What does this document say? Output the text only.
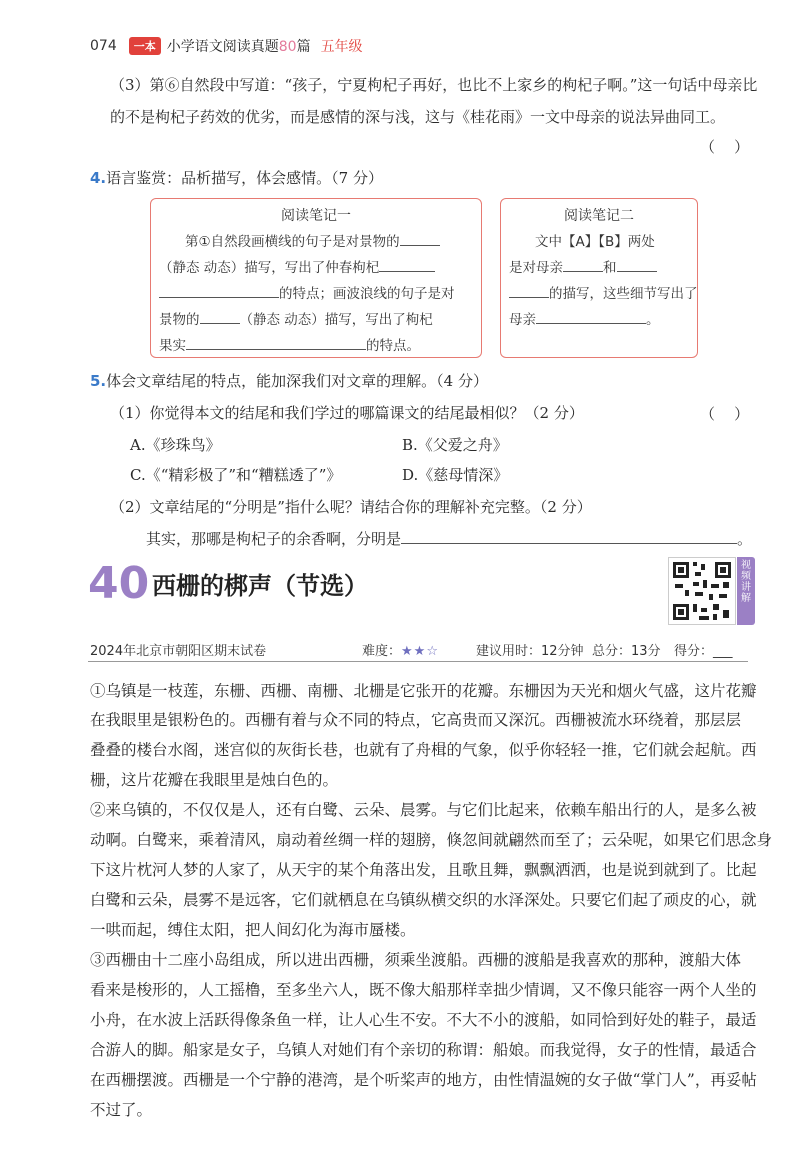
074	一本 小学语文阅读真题80篇 五年级
（3）第⑥自然段中写道：“孩子，宁夏枸杞子再好，也比不上家乡的枸杞子啊。”这一句话中母亲比
的不是枸杞子药效的优劣，而是感情的深与浅，这与《桂花雨》一文中母亲的说法异曲同工。
（    ）
4.语言鉴赏：品析描写，体会感情。（7 分）
阅读笔记一
第①自然段画横线的句子是对景物的
（静态 动态）描写，写出了仲春枸杞
的特点；画波浪线的句子是对
景物的	（静态 动态）描写，写出了枸杞
果实	的特点。
阅读笔记二
文中【A】【B】两处
是对母亲	和
的描写，这些细节写出了
母亲	。
5.体会文章结尾的特点，能加深我们对文章的理解。（4 分）
（1）你觉得本文的结尾和我们学过的哪篇课文的结尾最相似？（2 分）	（    ）
A.《珍珠鸟》	B.《父爱之舟》
C.《“精彩极了”和“糟糕透了”》	D.《慈母情深》
（2）文章结尾的“分明是”指什么呢？请结合你的理解补充完整。（2 分）
其实，那哪是枸杞子的余香啊，分明是	。
40 西栅的梆声（节选）
视频讲解
2024年北京市朝阳区期末试卷	难度：★★☆	建议用时：12分钟 总分：13分 得分：___
①乌镇是一枝莲，东栅、西栅、南栅、北栅是它张开的花瓣。东栅因为天光和烟火气盛，这片花瓣
在我眼里是银粉色的。西栅有着与众不同的特点，它高贵而又深沉。西栅被流水环绕着，那层层
叠叠的楼台水阁，迷宫似的灰街长巷，也就有了舟楫的气象，似乎你轻轻一推，它们就会起航。西
栅，这片花瓣在我眼里是烛白色的。
②来乌镇的，不仅仅是人，还有白鹭、云朵、晨雾。与它们比起来，依赖车船出行的人，是多么被
动啊。白鹭来，乘着清风，扇动着丝绸一样的翅膀，倏忽间就翩然而至了；云朵呢，如果它们思念身
下这片枕河人梦的人家了，从天宇的某个角落出发，且歌且舞，飘飘洒洒，也是说到就到了。比起
白鹭和云朵，晨雾不是远客，它们就栖息在乌镇纵横交织的水泽深处。只要它们起了顽皮的心，就
一哄而起，缚住太阳，把人间幻化为海市蜃楼。
③西栅由十二座小岛组成，所以进出西栅，须乘坐渡船。西栅的渡船是我喜欢的那种，渡船大体
看来是梭形的，人工摇橹，至多坐六人，既不像大船那样幸拙少情调，又不像只能容一两个人坐的
小舟，在水波上活跃得像条鱼一样，让人心生不安。不大不小的渡船，如同恰到好处的鞋子，最适
合游人的脚。船家是女子，乌镇人对她们有个亲切的称谓：船娘。而我觉得，女子的性情，最适合
在西栅摆渡。西栅是一个宁静的港湾，是个听桨声的地方，由性情温婉的女子做“掌门人”，再妥帖
不过了。
